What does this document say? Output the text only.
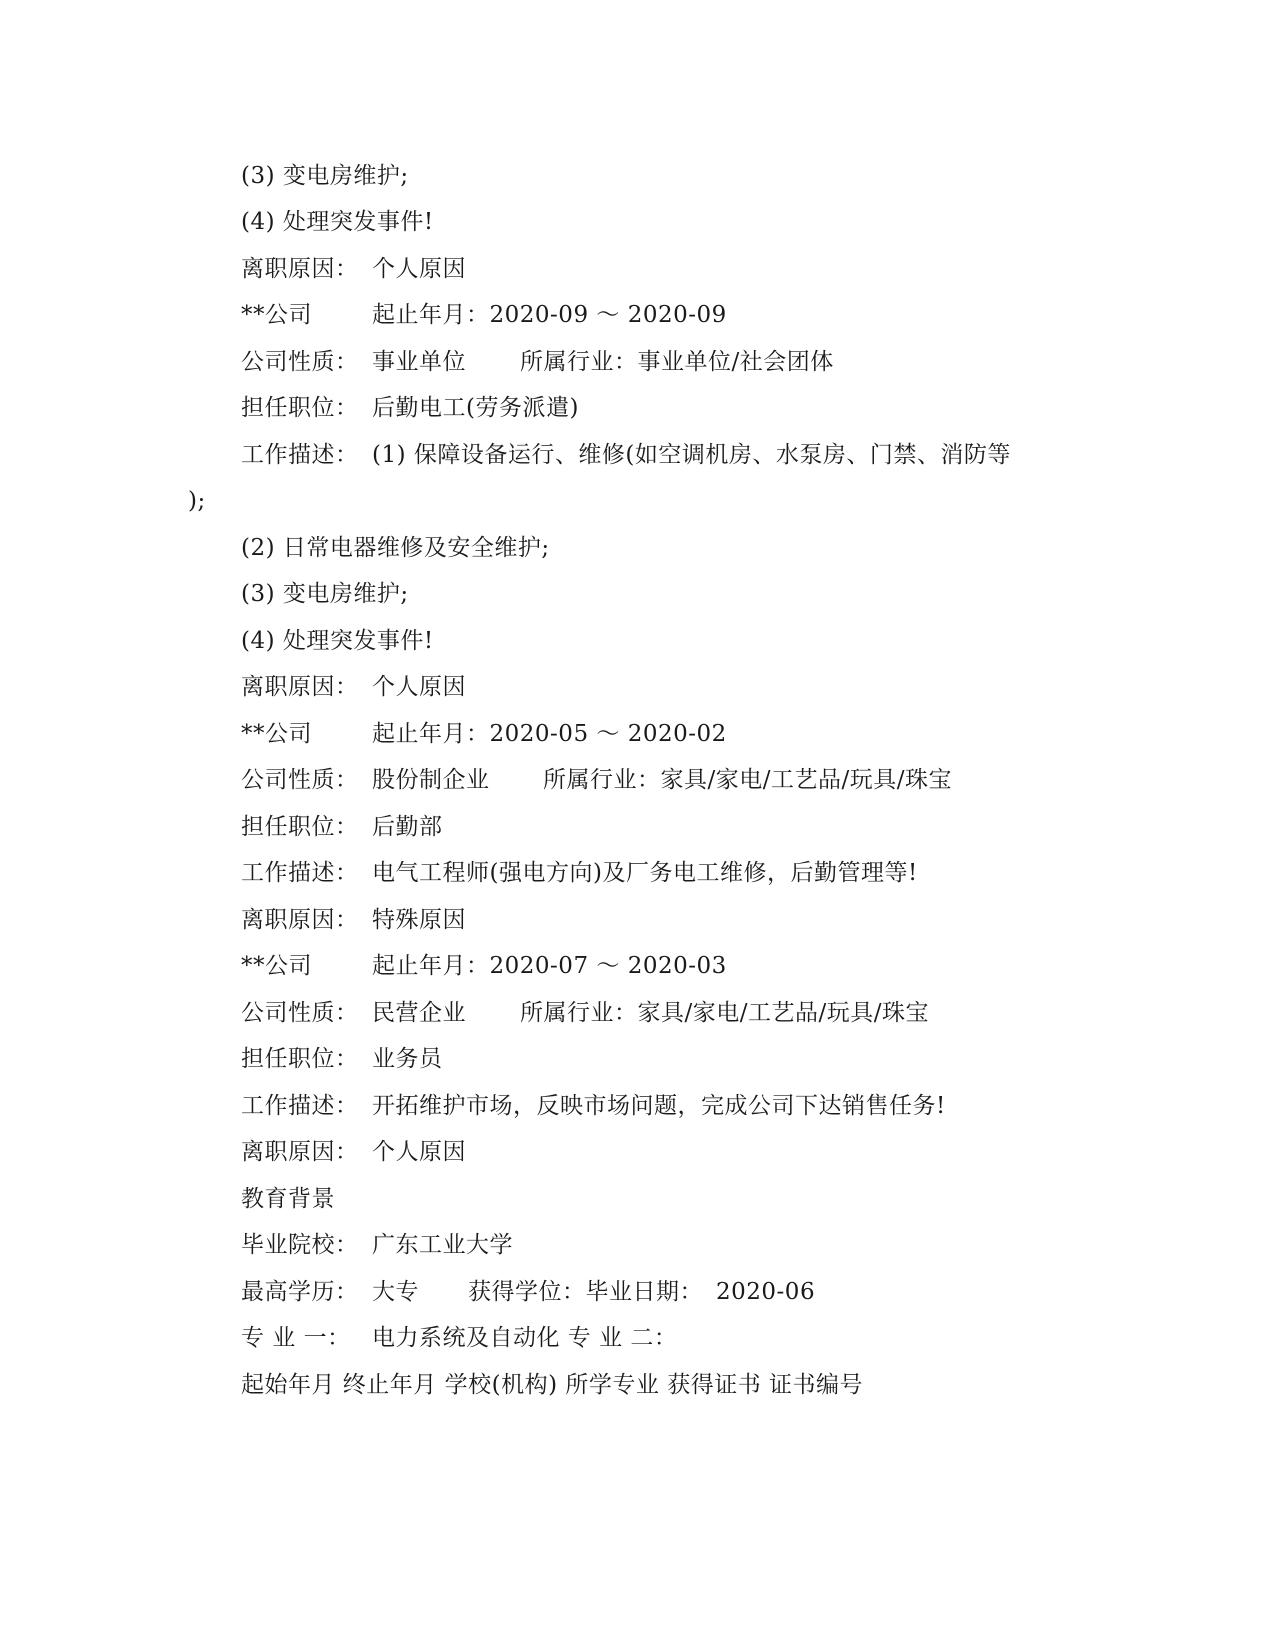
(3) 变电房维护;
(4) 处理突发事件!
离职原因： 个人原因
**公司	起止年月：2020-09 ～ 2020-09
公司性质： 事业单位 所属行业：事业单位/社会团体
担任职位： 后勤电工(劳务派遣)
工作描述： (1) 保障设备运行、维修(如空调机房、水泵房、门禁、消防等
);
(2) 日常电器维修及安全维护;
(3) 变电房维护;
(4) 处理突发事件!
离职原因： 个人原因
**公司	起止年月：2020-05 ～ 2020-02
公司性质： 股份制企业 所属行业：家具/家电/工艺品/玩具/珠宝
担任职位： 后勤部
工作描述： 电气工程师(强电方向)及厂务电工维修，后勤管理等!
离职原因： 特殊原因
**公司	起止年月：2020-07 ～ 2020-03
公司性质： 民营企业 所属行业：家具/家电/工艺品/玩具/珠宝
担任职位： 业务员
工作描述： 开拓维护市场，反映市场问题，完成公司下达销售任务!
离职原因： 个人原因
教育背景
毕业院校： 广东工业大学
最高学历： 大专 获得学位：毕业日期： 2020-06
专 业 一： 电力系统及自动化 专 业 二：
起始年月 终止年月 学校(机构) 所学专业 获得证书 证书编号
